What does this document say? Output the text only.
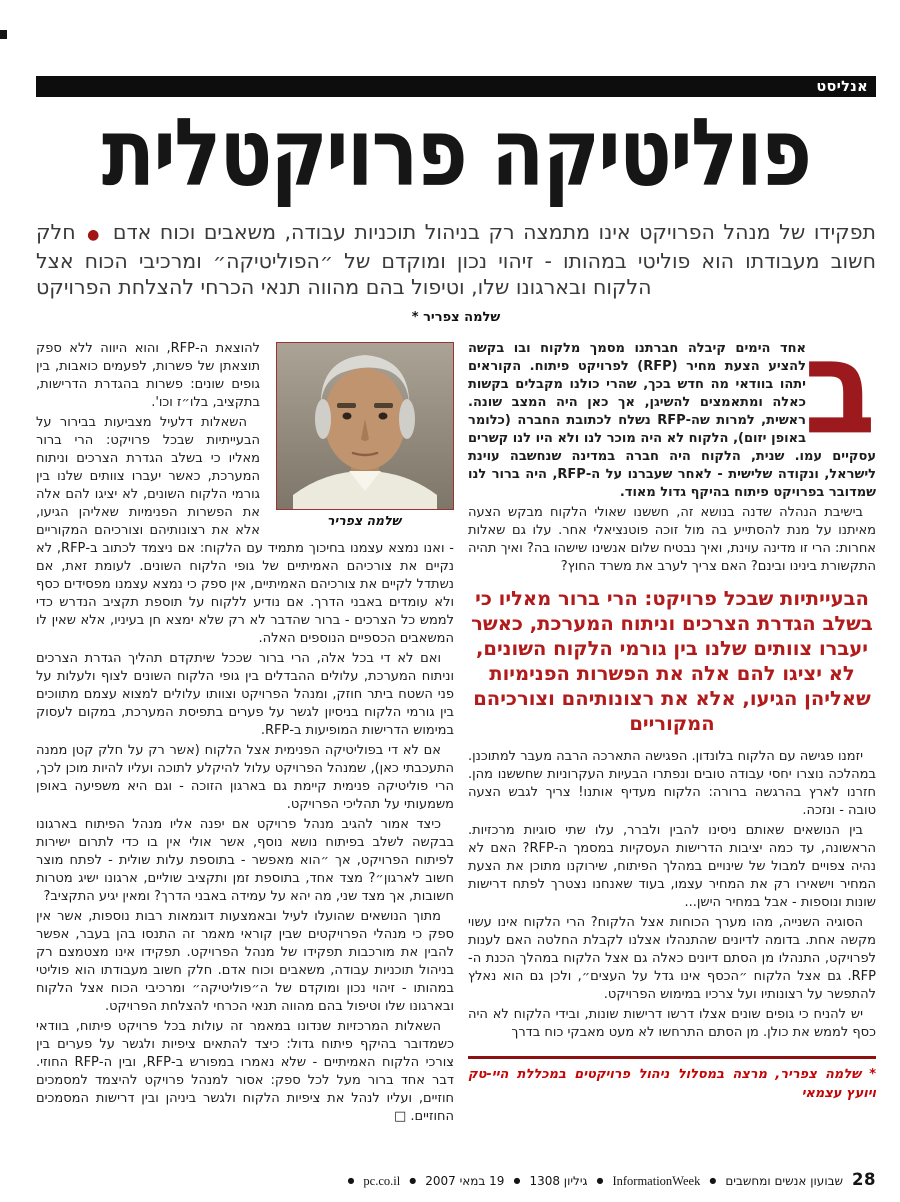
אנליסט
פוליטיקה פרויקטלית
תפקידו של מנהל הפרויקט אינו מתמצה רק בניהול תוכניות עבודה, משאבים וכוח אדם ● חלק חשוב מעבודתו הוא פוליטי במהותו - זיהוי נכון ומוקדם של ״הפוליטיקה״ ומרכיבי הכוח אצל הלקוח ובארגונו שלו, וטיפול בהם מהווה תנאי הכרחי להצלחת הפרויקט
שלמה צפריר *	ב
אחד הימים קיבלה חברתנו מסמך מלקוח ובו בקשה להציע הצעת מחיר (RFP) לפרויקט פיתוח. הקוראים יתהו בוודאי מה חדש בכך, שהרי כולנו מקבלים בקשות כאלה ומתאמצים להשיגן, אך כאן היה המצב שונה. ראשית, למרות שה-RFP נשלח לכתובת החברה (כלומר באופן יזום), הלקוח לא היה מוכר לנו ולא היו לנו קשרים עסקיים עמו. שנית, הלקוח היה חברה במדינה שנחשבה עוינת לישראל, ונקודה שלישית - לאחר שעברנו על ה-RFP, היה ברור לנו שמדובר בפרויקט פיתוח בהיקף גדול מאוד.

בישיבת הנהלה שדנה בנושא זה, חששנו שאולי הלקוח מבקש הצעה מאיתנו על מנת להסתייע בה מול זוכה פוטנציאלי אחר. עלו גם שאלות אחרות: הרי זו מדינה עוינת, ואיך נבטיח שלום אנשינו שישהו בה? ואיך תהיה התקשורת בינינו ובינם? האם צריך לערב את משרד החוץ?

הבעייתיות שבכל פרויקט: הרי ברור מאליו כי בשלב הגדרת הצרכים וניתוח המערכת, כאשר יעברו צוותים שלנו בין גורמי הלקוח השונים, לא יציגו להם אלה את הפשרות הפנימיות שאליהן הגיעו, אלא את רצונותיהם וצורכיהם המקוריים

יזמנו פגישה עם הלקוח בלונדון. הפגישה התארכה הרבה מעבר למתוכנן. במהלכה נוצרו יחסי עבודה טובים ונפתרו הבעיות העקרוניות שחששנו מהן. חזרנו לארץ בהרגשה ברורה: הלקוח מעדיף אותנו! צריך לגבש הצעה טובה - ונזכה.

בין הנושאים שאותם ניסינו להבין ולברר, עלו שתי סוגיות מרכזיות. הראשונה, עד כמה יציבות הדרישות העסקיות במסמך ה-RFP? האם לא נהיה צפויים למבול של שינויים במהלך הפיתוח, שירוקנו מתוכן את הצעת המחיר וישאירו רק את המחיר עצמו, בעוד שאנחנו נצטרך לפתח דרישות שונות ונוספות - אבל במחיר הישן...

הסוגיה השנייה, מהו מערך הכוחות אצל הלקוח? הרי הלקוח אינו עשוי מקשה אחת. בדומה לדיונים שהתנהלו אצלנו לקבלת החלטה האם לענות לפרויקט, התנהלו מן הסתם דיונים כאלה גם אצל הלקוח במהלך הכנת ה-RFP. גם אצל הלקוח ״הכסף אינו גדל על העצים״, ולכן גם הוא נאלץ להתפשר על רצונותיו ועל צרכיו במימוש הפרויקט.

יש להניח כי גופים שונים אצלו דרשו דרישות שונות, ובידי הלקוח לא היה כסף לממש את כולן. מן הסתם התרחשו לא מעט מאבקי כוח בדרך

* שלמה צפריר, מרצה במסלול ניהול פרויקטים במכללת היי-טק ויועץ עצמאי
שלמה צפריר

להוצאת ה-RFP, והוא היווה ללא ספק תוצאתן של פשרות, לפעמים כואבות, בין גופים שונים: פשרות בהגדרת הדרישות, בתקציב, בלו״ז וכו'.

השאלות דלעיל מצביעות בבירור על הבעייתיות שבכל פרויקט: הרי ברור מאליו כי בשלב הגדרת הצרכים וניתוח המערכת, כאשר יעברו צוותים שלנו בין גורמי הלקוח השונים, לא יציגו להם אלה את הפשרות הפנימיות שאליהן הגיעו, אלא את רצונותיהם וצורכיהם המקוריים - ואנו נמצא עצמנו בחיכוך מתמיד עם הלקוח: אם ניצמד לכתוב ב-RFP, לא נקיים את צורכיהם האמיתיים של גופי הלקוח השונים. לעומת זאת, אם נשתדל לקיים את צורכיהם האמיתיים, אין ספק כי נמצא עצמנו מפסידים כסף ולא עומדים באבני הדרך. אם נודיע ללקוח על תוספת תקציב הנדרש כדי לממש כל הצרכים - ברור שהדבר לא רק שלא ימצא חן בעיניו, אלא שאין לו המשאבים הכספיים הנוספים האלה.

ואם לא די בכל אלה, הרי ברור שככל שיתקדם תהליך הגדרת הצרכים וניתוח המערכת, עלולים ההבדלים בין גופי הלקוח השונים לצוף ולעלות על פני השטח ביתר חוזק, ומנהל הפרויקט וצוותו עלולים למצוא עצמם מתווכים בין גורמי הלקוח בניסיון לגשר על פערים בתפיסת המערכת, במקום לעסוק במימוש הדרישות המופיעות ב-RFP.

אם לא די בפוליטיקה הפנימית אצל הלקוח (אשר רק על חלק קטן ממנה התעכבתי כאן), שמנהל הפרויקט עלול להיקלע לתוכה ועליו להיות מוכן לכך, הרי פוליטיקה פנימית קיימת גם בארגון הזוכה - וגם היא משפיעה באופן משמעותי על תהליכי הפרויקט.

כיצד אמור להגיב מנהל פרויקט אם יפנה אליו מנהל הפיתוח בארגונו בבקשה לשלב בפיתוח נושא נוסף, אשר אולי אין בו כדי לתרום ישירות לפיתוח הפרויקט, אך ״הוא מאפשר - בתוספת עלות שולית - לפתח מוצר חשוב לארגון״? מצד אחד, בתוספת זמן ותקציב שוליים, ארגונו ישיג מטרות חשובות, אך מצד שני, מה יהא על עמידה באבני הדרך? ומאין יגיע התקציב?

מתוך הנושאים שהועלו לעיל ובאמצעות דוגמאות רבות נוספות, אשר אין ספק כי מנהלי הפרויקטים שבין קוראי מאמר זה התנסו בהן בעבר, אפשר להבין את מורכבות תפקידו של מנהל הפרויקט. תפקידו אינו מצטמצם רק בניהול תוכניות עבודה, משאבים וכוח אדם. חלק חשוב מעבודתו הוא פוליטי במהותו - זיהוי נכון ומוקדם של ה״פוליטיקה״ ומרכיבי הכוח אצל הלקוח ובארגונו שלו וטיפול בהם מהווה תנאי הכרחי להצלחת הפרויקט.

השאלות המרכזיות שנדונו במאמר זה עולות בכל פרויקט פיתוח, בוודאי כשמדובר בהיקף פיתוח גדול: כיצד להתאים ציפיות ולגשר על פערים בין צורכי הלקוח האמיתיים - שלא נאמרו במפורש ב-RFP, ובין ה-RFP החוזי. דבר אחד ברור מעל לכל ספק: אסור למנהל פרויקט להיצמד למסמכים חוזיים, ועליו לנהל את ציפיות הלקוח ולגשר ביניהן ובין דרישות המסמכים החוזיים. □

28
שבועון אנשים ומחשבים
●
InformationWeek
●
גיליון 1308
●
19 במאי 2007
●
pc.co.il
●
